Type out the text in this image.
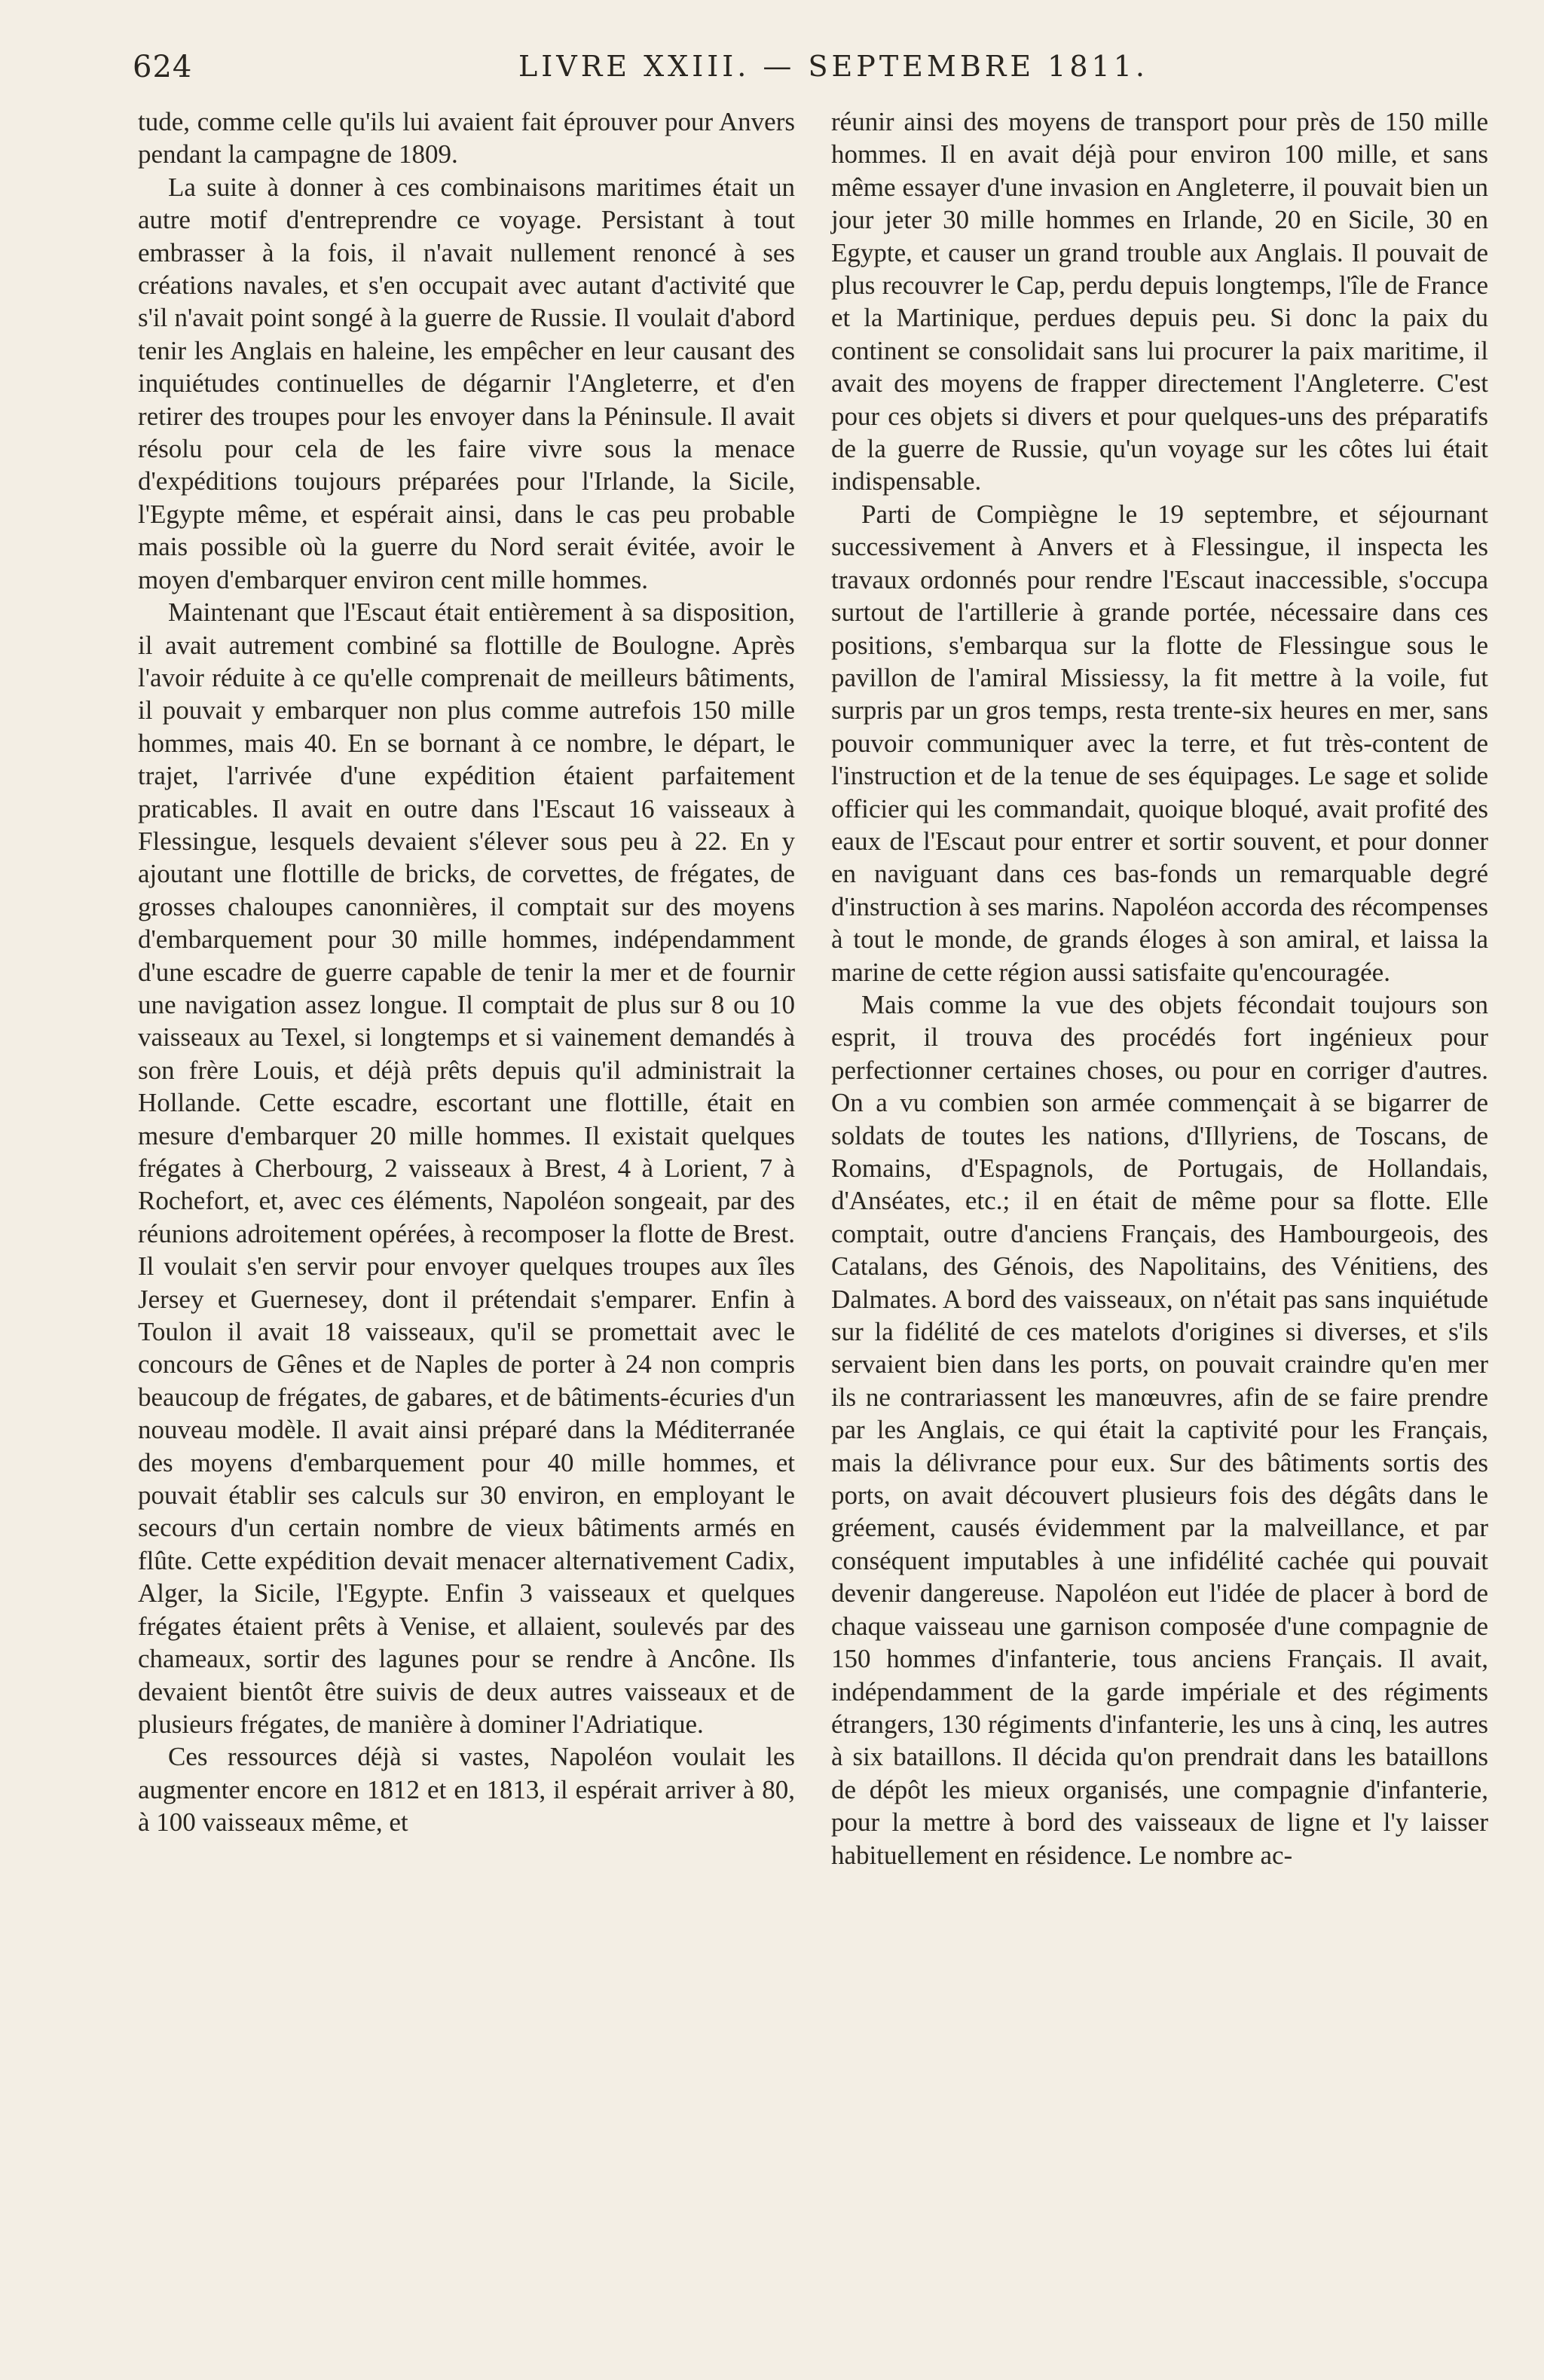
624	LIVRE XXIII. — SEPTEMBRE 1811.

tude, comme celle qu'ils lui avaient fait éprouver pour Anvers pendant la campagne de 1809.

La suite à donner à ces combinaisons maritimes était un autre motif d'entreprendre ce voyage. Persistant à tout embrasser à la fois, il n'avait nullement renoncé à ses créations navales, et s'en occupait avec autant d'activité que s'il n'avait point songé à la guerre de Russie. Il voulait d'abord tenir les Anglais en haleine, les empêcher en leur causant des inquiétudes continuelles de dégarnir l'Angleterre, et d'en retirer des troupes pour les envoyer dans la Péninsule. Il avait résolu pour cela de les faire vivre sous la menace d'expéditions toujours préparées pour l'Irlande, la Sicile, l'Egypte même, et espérait ainsi, dans le cas peu probable mais possible où la guerre du Nord serait évitée, avoir le moyen d'embarquer environ cent mille hommes.

Maintenant que l'Escaut était entièrement à sa disposition, il avait autrement combiné sa flottille de Boulogne. Après l'avoir réduite à ce qu'elle comprenait de meilleurs bâtiments, il pouvait y embarquer non plus comme autrefois 150 mille hommes, mais 40. En se bornant à ce nombre, le départ, le trajet, l'arrivée d'une expédition étaient parfaitement praticables. Il avait en outre dans l'Escaut 16 vaisseaux à Flessingue, lesquels devaient s'élever sous peu à 22. En y ajoutant une flottille de bricks, de corvettes, de frégates, de grosses chaloupes canonnières, il comptait sur des moyens d'embarquement pour 30 mille hommes, indépendamment d'une escadre de guerre capable de tenir la mer et de fournir une navigation assez longue. Il comptait de plus sur 8 ou 10 vaisseaux au Texel, si longtemps et si vainement demandés à son frère Louis, et déjà prêts depuis qu'il administrait la Hollande. Cette escadre, escortant une flottille, était en mesure d'embarquer 20 mille hommes. Il existait quelques frégates à Cherbourg, 2 vaisseaux à Brest, 4 à Lorient, 7 à Rochefort, et, avec ces éléments, Napoléon songeait, par des réunions adroitement opérées, à recomposer la flotte de Brest. Il voulait s'en servir pour envoyer quelques troupes aux îles Jersey et Guernesey, dont il prétendait s'emparer. Enfin à Toulon il avait 18 vaisseaux, qu'il se promettait avec le concours de Gênes et de Naples de porter à 24 non compris beaucoup de frégates, de gabares, et de bâtiments-écuries d'un nouveau modèle. Il avait ainsi préparé dans la Méditerranée des moyens d'embarquement pour 40 mille hommes, et pouvait établir ses calculs sur 30 environ, en employant le secours d'un certain nombre de vieux bâtiments armés en flûte. Cette expédition devait menacer alternativement Cadix, Alger, la Sicile, l'Egypte. Enfin 3 vaisseaux et quelques frégates étaient prêts à Venise, et allaient, soulevés par des chameaux, sortir des lagunes pour se rendre à Ancône. Ils devaient bientôt être suivis de deux autres vaisseaux et de plusieurs frégates, de manière à dominer l'Adriatique.

Ces ressources déjà si vastes, Napoléon voulait les augmenter encore en 1812 et en 1813, il espérait arriver à 80, à 100 vaisseaux même, et

réunir ainsi des moyens de transport pour près de 150 mille hommes. Il en avait déjà pour environ 100 mille, et sans même essayer d'une invasion en Angleterre, il pouvait bien un jour jeter 30 mille hommes en Irlande, 20 en Sicile, 30 en Egypte, et causer un grand trouble aux Anglais. Il pouvait de plus recouvrer le Cap, perdu depuis longtemps, l'île de France et la Martinique, perdues depuis peu. Si donc la paix du continent se consolidait sans lui procurer la paix maritime, il avait des moyens de frapper directement l'Angleterre. C'est pour ces objets si divers et pour quelques-uns des préparatifs de la guerre de Russie, qu'un voyage sur les côtes lui était indispensable.

Parti de Compiègne le 19 septembre, et séjournant successivement à Anvers et à Flessingue, il inspecta les travaux ordonnés pour rendre l'Escaut inaccessible, s'occupa surtout de l'artillerie à grande portée, nécessaire dans ces positions, s'embarqua sur la flotte de Flessingue sous le pavillon de l'amiral Missiessy, la fit mettre à la voile, fut surpris par un gros temps, resta trente-six heures en mer, sans pouvoir communiquer avec la terre, et fut très-content de l'instruction et de la tenue de ses équipages. Le sage et solide officier qui les commandait, quoique bloqué, avait profité des eaux de l'Escaut pour entrer et sortir souvent, et pour donner en naviguant dans ces bas-fonds un remarquable degré d'instruction à ses marins. Napoléon accorda des récompenses à tout le monde, de grands éloges à son amiral, et laissa la marine de cette région aussi satisfaite qu'encouragée.

Mais comme la vue des objets fécondait toujours son esprit, il trouva des procédés fort ingénieux pour perfectionner certaines choses, ou pour en corriger d'autres. On a vu combien son armée commençait à se bigarrer de soldats de toutes les nations, d'Illyriens, de Toscans, de Romains, d'Espagnols, de Portugais, de Hollandais, d'Anséates, etc.; il en était de même pour sa flotte. Elle comptait, outre d'anciens Français, des Hambourgeois, des Catalans, des Génois, des Napolitains, des Vénitiens, des Dalmates. A bord des vaisseaux, on n'était pas sans inquiétude sur la fidélité de ces matelots d'origines si diverses, et s'ils servaient bien dans les ports, on pouvait craindre qu'en mer ils ne contrariassent les manœuvres, afin de se faire prendre par les Anglais, ce qui était la captivité pour les Français, mais la délivrance pour eux. Sur des bâtiments sortis des ports, on avait découvert plusieurs fois des dégâts dans le gréement, causés évidemment par la malveillance, et par conséquent imputables à une infidélité cachée qui pouvait devenir dangereuse. Napoléon eut l'idée de placer à bord de chaque vaisseau une garnison composée d'une compagnie de 150 hommes d'infanterie, tous anciens Français. Il avait, indépendamment de la garde impériale et des régiments étrangers, 130 régiments d'infanterie, les uns à cinq, les autres à six bataillons. Il décida qu'on prendrait dans les bataillons de dépôt les mieux organisés, une compagnie d'infanterie, pour la mettre à bord des vaisseaux de ligne et l'y laisser habituellement en résidence. Le nombre ac-
